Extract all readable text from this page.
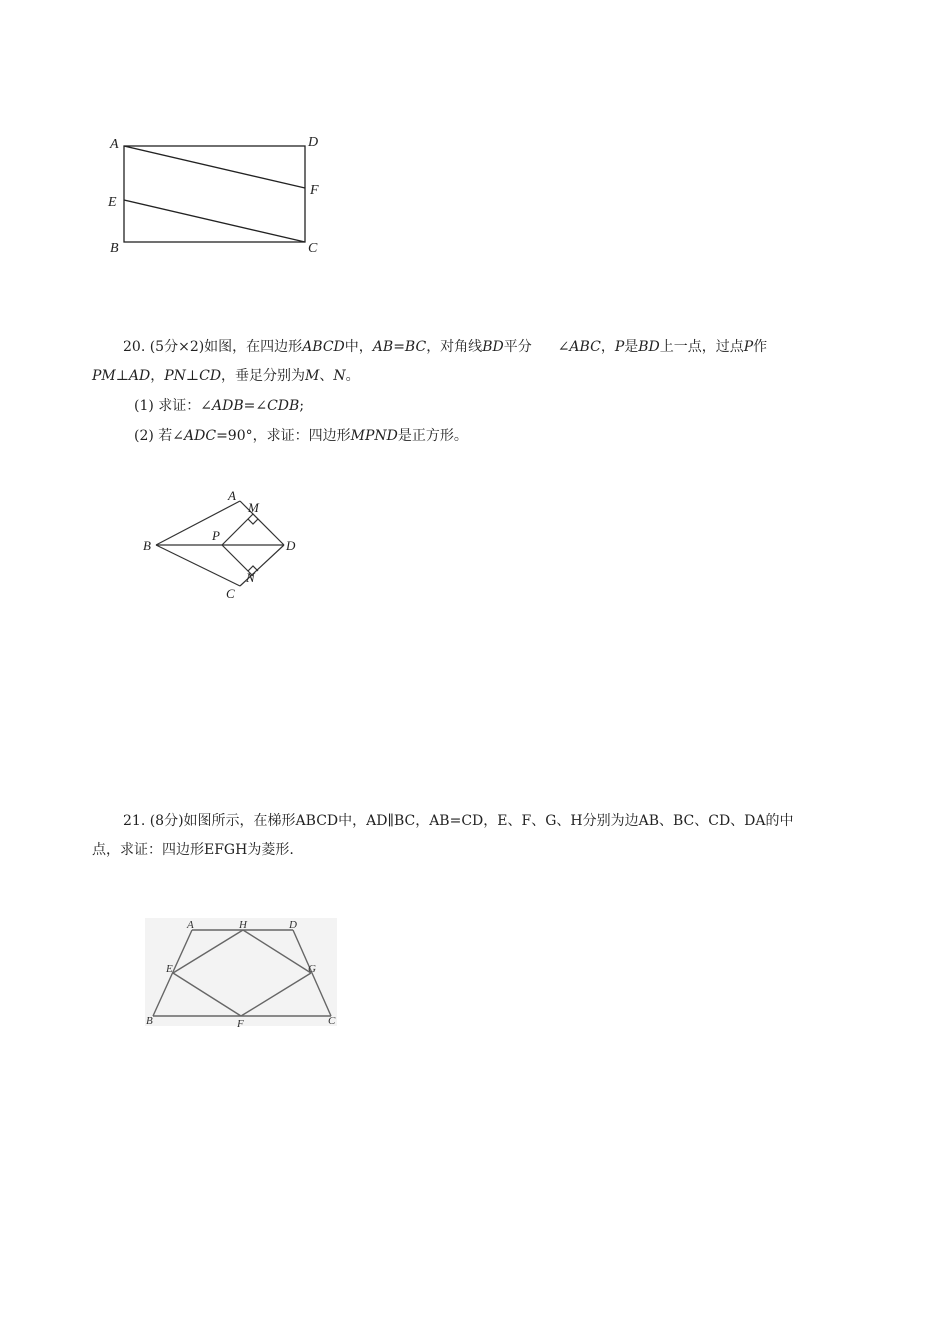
A	D
E
F
B	C
20. (5分×2)如图，在四边形ABCD中，AB=BC，对角线BD平分 ∠ABC，P是BD上一点，过点P作
PM⊥AD，PN⊥CD，垂足分别为M、N。
(1) 求证：∠ADB=∠CDB;
(2) 若∠ADC=90°，求证：四边形MPND是正方形。
A
M
B
P
D
N
C
21. (8分)如图所示，在梯形ABCD中，AD∥BC，AB=CD，E、F、G、H分别为边AB、BC、CD、DA的中
点，求证：四边形EFGH为菱形.
A	H	D
E	G
B	F	C
